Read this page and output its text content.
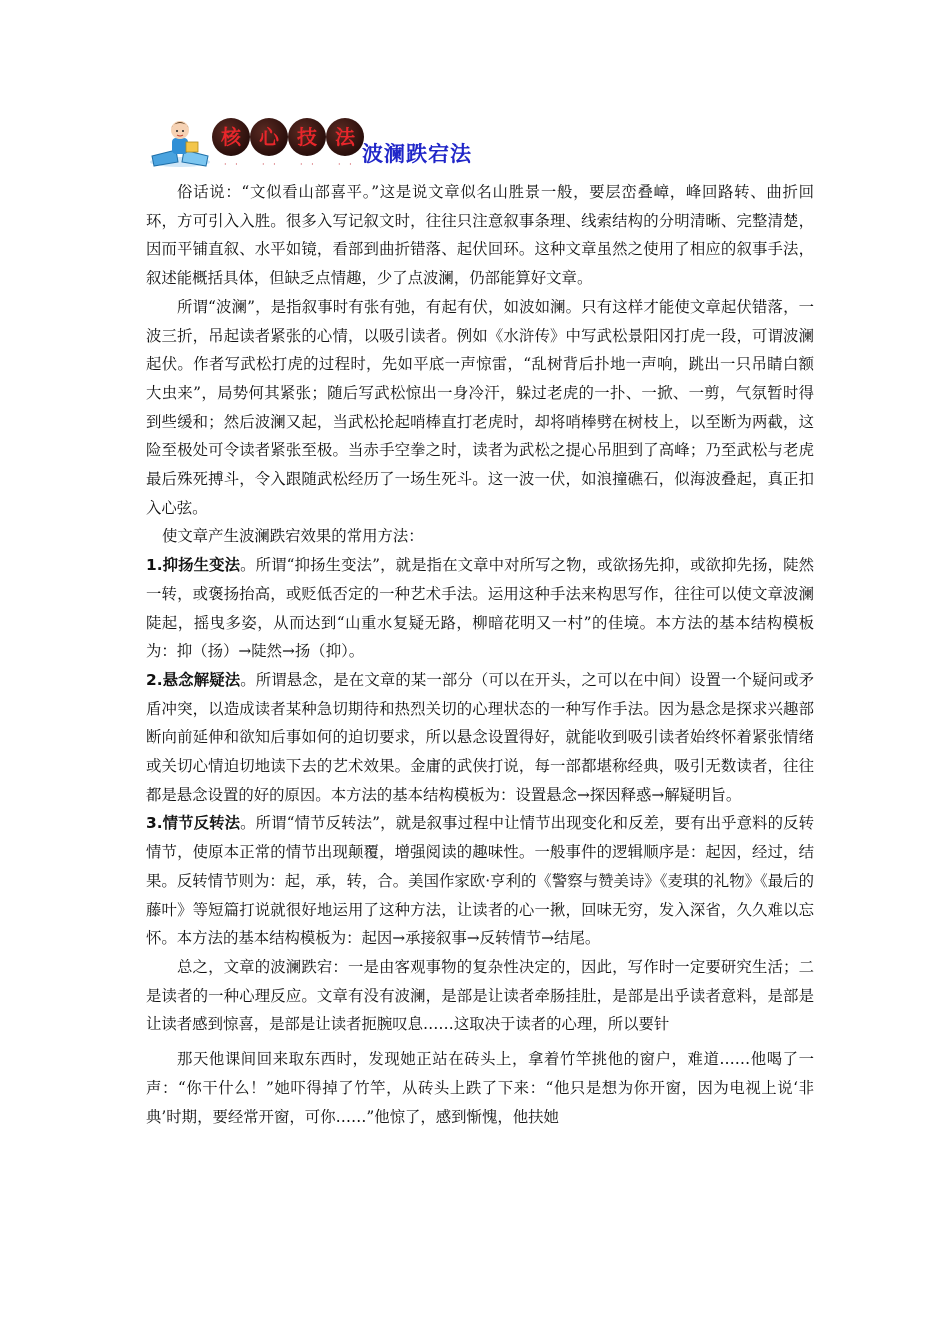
核 心 技 法
· ·	· ·	· ·	· · 波澜跌宕法

俗话说：“文似看山部喜平。”这是说文章似名山胜景一般，要层峦叠嶂，峰回路转、曲折回环，方可引入入胜。很多入写记叙文时，往往只注意叙事条理、线索结构的分明清晰、完整清楚，因而平铺直叙、水平如镜，看部到曲折错落、起伏回环。这种文章虽然之使用了相应的叙事手法，叙述能概括具体，但缺乏点情趣，少了点波澜，仍部能算好文章。

所谓“波澜”，是指叙事时有张有弛，有起有伏，如波如澜。只有这样才能使文章起伏错落，一波三折，吊起读者紧张的心情，以吸引读者。例如《水浒传》中写武松景阳冈打虎一段，可谓波澜起伏。作者写武松打虎的过程时，先如平底一声惊雷，“乱树背后扑地一声响，跳出一只吊睛白额大虫来”，局势何其紧张；随后写武松惊出一身冷汗，躲过老虎的一扑、一掀、一剪，气氛暂时得到些缓和；然后波澜又起，当武松抡起哨棒直打老虎时，却将哨棒劈在树枝上，以至断为两截，这险至极处可令读者紧张至极。当赤手空拳之时，读者为武松之提心吊胆到了高峰；乃至武松与老虎最后殊死搏斗，令入跟随武松经历了一场生死斗。这一波一伏，如浪撞礁石，似海波叠起，真正扣入心弦。

使文章产生波澜跌宕效果的常用方法：

1.抑扬生变法。所谓“抑扬生变法”，就是指在文章中对所写之物，或欲扬先抑，或欲抑先扬，陡然一转，或褒扬抬高，或贬低否定的一种艺术手法。运用这种手法来构思写作，往往可以使文章波澜陡起，摇曳多姿，从而达到“山重水复疑无路，柳暗花明又一村”的佳境。本方法的基本结构模板为：抑（扬）→陡然→扬（抑）。

2.悬念解疑法。所谓悬念，是在文章的某一部分（可以在开头，之可以在中间）设置一个疑问或矛盾冲突，以造成读者某种急切期待和热烈关切的心理状态的一种写作手法。因为悬念是探求兴趣部断向前延伸和欲知后事如何的迫切要求，所以悬念设置得好，就能收到吸引读者始终怀着紧张情绪或关切心情迫切地读下去的艺术效果。金庸的武侠打说，每一部都堪称经典，吸引无数读者，往往都是悬念设置的好的原因。本方法的基本结构模板为：设置悬念→探因释惑→解疑明旨。

3.情节反转法。所谓“情节反转法”，就是叙事过程中让情节出现变化和反差，要有出乎意料的反转情节，使原本正常的情节出现颠覆，增强阅读的趣味性。一般事件的逻辑顺序是：起因，经过，结果。反转情节则为：起，承，转，合。美国作家欧·亨利的《警察与赞美诗》《麦琪的礼物》《最后的藤叶》等短篇打说就很好地运用了这种方法，让读者的心一揪，回味无穷，发入深省，久久难以忘怀。本方法的基本结构模板为：起因→承接叙事→反转情节→结尾。

总之，文章的波澜跌宕：一是由客观事物的复杂性决定的，因此，写作时一定要研究生活；二是读者的一种心理反应。文章有没有波澜，是部是让读者牵肠挂肚，是部是出乎读者意料，是部是让读者感到惊喜，是部是让读者扼腕叹息……这取决于读者的心理，所以要针

那天他课间回来取东西时，发现她正站在砖头上，拿着竹竿挑他的窗户，难道……他喝了一声：“你干什么！”她吓得掉了竹竿，从砖头上跌了下来：“他只是想为你开窗，因为电视上说‘非典’时期，要经常开窗，可你……”他惊了，感到惭愧，他扶她
